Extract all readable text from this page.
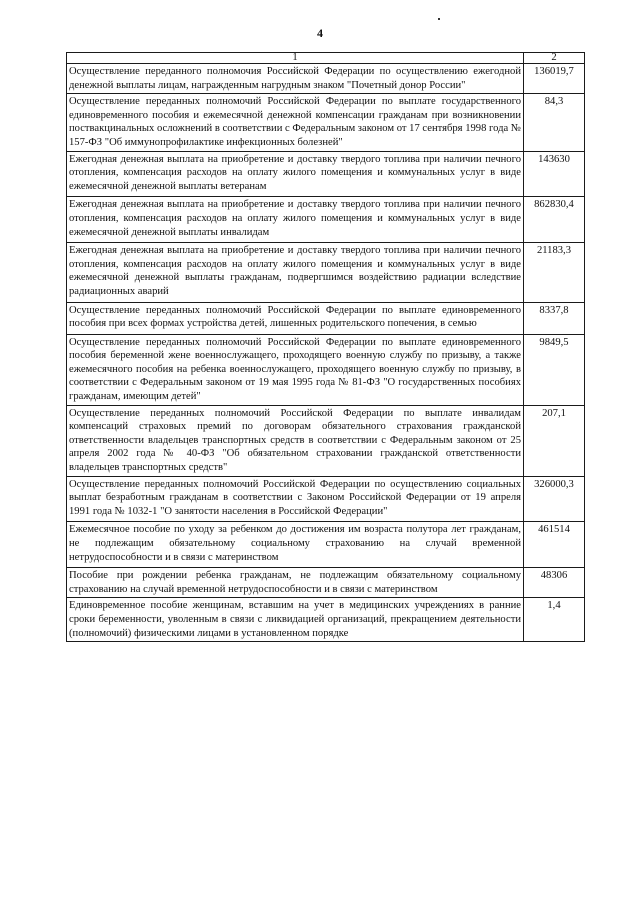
4
1	2
Осуществление переданного полномочия Российской Федерации по осуществлению ежегодной денежной выплаты лицам, награжденным нагрудным знаком "Почетный донор России"	136019,7
Осуществление переданных полномочий Российской Федерации по выплате государственного единовременного пособия и ежемесячной денежной компенсации гражданам при возникновении поствакцинальных осложнений в соответствии с Федеральным законом от 17 сентября 1998 года № 157-ФЗ "Об иммунопрофилактике инфекционных болезней"	84,3
Ежегодная денежная выплата на приобретение и доставку твердого топлива при наличии печного отопления, компенсация расходов на оплату жилого помещения и коммунальных услуг в виде ежемесячной денежной выплаты ветеранам	143630
Ежегодная денежная выплата на приобретение и доставку твердого топлива при наличии печного отопления, компенсация расходов на оплату жилого помещения и коммунальных услуг в виде ежемесячной денежной выплаты инвалидам	862830,4
Ежегодная денежная выплата на приобретение и доставку твердого топлива при наличии печного отопления, компенсация расходов на оплату жилого помещения и коммунальных услуг в виде ежемесячной денежной выплаты гражданам, подвергшимся воздействию радиации вследствие радиационных аварий	21183,3
Осуществление переданных полномочий Российской Федерации по выплате единовременного пособия при всех формах устройства детей, лишенных родительского попечения, в семью	8337,8
Осуществление переданных полномочий Российской Федерации по выплате единовременного пособия беременной жене военнослужащего, проходящего военную службу по призыву, а также ежемесячного пособия на ребенка военнослужащего, проходящего военную службу по призыву, в соответствии с Федеральным законом от 19 мая 1995 года № 81-ФЗ "О государственных пособиях гражданам, имеющим детей"	9849,5
Осуществление переданных полномочий Российской Федерации по выплате инвалидам компенсаций страховых премий по договорам обязательного страхования гражданской ответственности владельцев транспортных средств в соответствии с Федеральным законом от 25 апреля 2002 года № 40-ФЗ "Об обязательном страховании гражданской ответственности владельцев транспортных средств"	207,1
Осуществление переданных полномочий Российской Федерации по осуществлению социальных выплат безработным гражданам в соответствии с Законом Российской Федерации от 19 апреля 1991 года № 1032-1 "О занятости населения в Российской Федерации"	326000,3
Ежемесячное пособие по уходу за ребенком до достижения им возраста полутора лет гражданам, не подлежащим обязательному социальному страхованию на случай временной нетрудоспособности и в связи с материнством	461514
Пособие при рождении ребенка гражданам, не подлежащим обязательному социальному страхованию на случай временной нетрудоспособности и в связи с материнством	48306
Единовременное пособие женщинам, вставшим на учет в медицинских учреждениях в ранние сроки беременности, уволенным в связи с ликвидацией организаций, прекращением деятельности (полномочий) физическими лицами в установленном порядке	1,4
